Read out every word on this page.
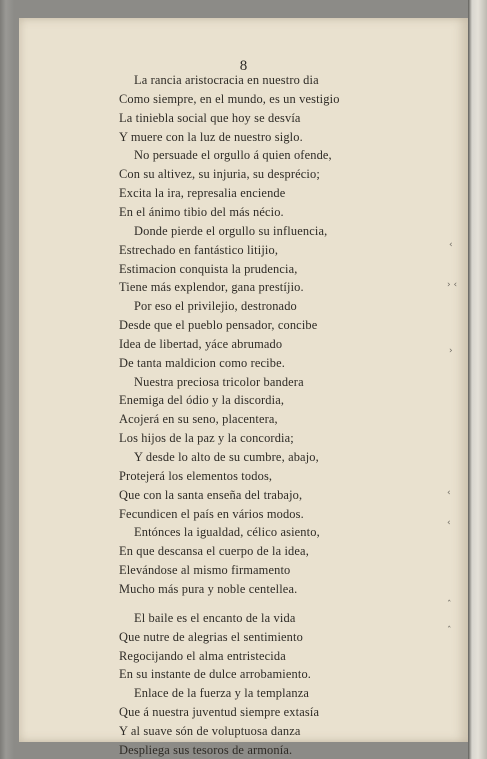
8
La rancia aristocracia en nuestro dia
Como siempre, en el mundo, es un vestigio
La tiniebla social que hoy se desvía
Y muere con la luz de nuestro siglo.
No persuade el orgullo á quien ofende,
Con su altivez, su injuria, su desprécio;
Excita la ira, represalia enciende
En el ánimo tibio del más nécio.
Donde pierde el orgullo su influencia,
Estrechado en fantástico litijio,
Estimacion conquista la prudencia,
Tiene más explendor, gana prestíjio.
Por eso el privilejio, destronado
Desde que el pueblo pensador, concibe
Idea de libertad, yáce abrumado
De tanta maldicion como recibe.
Nuestra preciosa tricolor bandera
Enemiga del ódio y la discordia,
Acojerá en su seno, placentera,
Los hijos de la paz y la concordia;
Y desde lo alto de su cumbre, abajo,
Protejerá los elementos todos,
Que con la santa enseña del trabajo,
Fecundicen el país en vários modos.
Entónces la igualdad, célico asiento,
En que descansa el cuerpo de la idea,
Elevándose al mismo firmamento
Mucho más pura y noble centellea.
El baile es el encanto de la vida
Que nutre de alegrias el sentimiento
Regocijando el alma entristecida
En su instante de dulce arrobamiento.
Enlace de la fuerza y la templanza
Que á nuestra juventud siempre extasía
Y al suave són de voluptuosa danza
Despliega sus tesoros de armonía.
‹
› ‹
›
‹
‹
ˆ
ˆ
